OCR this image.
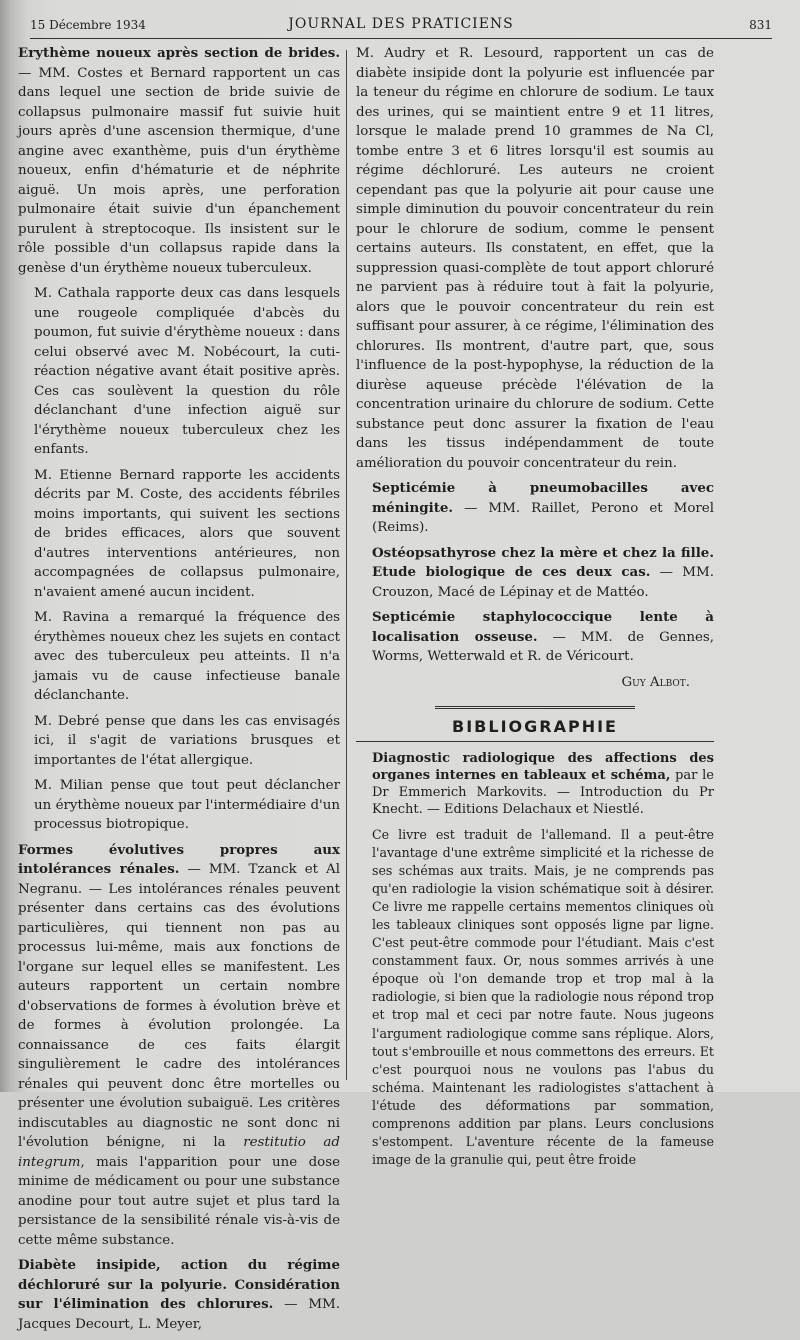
15 Décembre 1934	JOURNAL DES PRATICIENS	831

Erythème noueux après section de brides. — MM. Costes et Bernard rapportent un cas dans lequel une section de bride suivie de collapsus pulmonaire massif fut suivie huit jours après d'une ascension thermique, d'une angine avec exanthème, puis d'un érythème noueux, enfin d'hématurie et de néphrite aiguë. Un mois après, une perforation pulmonaire était suivie d'un épanchement purulent à streptocoque. Ils insistent sur le rôle possible d'un collapsus rapide dans la genèse d'un érythème noueux tuberculeux.

M. Cathala rapporte deux cas dans lesquels une rougeole compliquée d'abcès du poumon, fut suivie d'érythème noueux : dans celui observé avec M. Nobécourt, la cuti-réaction négative avant était positive après. Ces cas soulèvent la question du rôle déclanchant d'une infection aiguë sur l'érythème noueux tuberculeux chez les enfants.

M. Etienne Bernard rapporte les accidents décrits par M. Coste, des accidents fébriles moins importants, qui suivent les sections de brides efficaces, alors que souvent d'autres interventions antérieures, non accompagnées de collapsus pulmonaire, n'avaient amené aucun incident.

M. Ravina a remarqué la fréquence des érythèmes noueux chez les sujets en contact avec des tuberculeux peu atteints. Il n'a jamais vu de cause infectieuse banale déclanchante.

M. Debré pense que dans les cas envisagés ici, il s'agit de variations brusques et importantes de l'état allergique.

M. Milian pense que tout peut déclancher un érythème noueux par l'intermédiaire d'un processus biotropique.

Formes évolutives propres aux intolérances rénales. — MM. Tzanck et Al Negranu. — Les intolérances rénales peuvent présenter dans certains cas des évolutions particulières, qui tiennent non pas au processus lui-même, mais aux fonctions de l'organe sur lequel elles se manifestent. Les auteurs rapportent un certain nombre d'observations de formes à évolution brève et de formes à évolution prolongée. La connaissance de ces faits élargit singulièrement le cadre des intolérances rénales qui peuvent donc être mortelles ou présenter une évolution subaiguë. Les critères indiscutables au diagnostic ne sont donc ni l'évolution bénigne, ni la restitutio ad integrum, mais l'apparition pour une dose minime de médicament ou pour une substance anodine pour tout autre sujet et plus tard la persistance de la sensibilité rénale vis-à-vis de cette même substance.

Diabète insipide, action du régime déchloruré sur la polyurie. Considération sur l'élimination des chlorures. — MM. Jacques Decourt, L. Meyer,

M. Audry et R. Lesourd, rapportent un cas de diabète insipide dont la polyurie est influencée par la teneur du régime en chlorure de sodium. Le taux des urines, qui se maintient entre 9 et 11 litres, lorsque le malade prend 10 grammes de Na Cl, tombe entre 3 et 6 litres lorsqu'il est soumis au régime déchloruré. Les auteurs ne croient cependant pas que la polyurie ait pour cause une simple diminution du pouvoir concentrateur du rein pour le chlorure de sodium, comme le pensent certains auteurs. Ils constatent, en effet, que la suppression quasi-complète de tout apport chloruré ne parvient pas à réduire tout à fait la polyurie, alors que le pouvoir concentrateur du rein est suffisant pour assurer, à ce régime, l'élimination des chlorures. Ils montrent, d'autre part, que, sous l'influence de la post-hypophyse, la réduction de la diurèse aqueuse précède l'élévation de la concentration urinaire du chlorure de sodium. Cette substance peut donc assurer la fixation de l'eau dans les tissus indépendamment de toute amélioration du pouvoir concentrateur du rein.

Septicémie à pneumobacilles avec méningite. — MM. Raillet, Perono et Morel (Reims).

Ostéopsathyrose chez la mère et chez la fille. Etude biologique de ces deux cas. — MM. Crouzon, Macé de Lépinay et de Mattéo.

Septicémie staphylococcique lente à localisation osseuse. — MM. de Gennes, Worms, Wetterwald et R. de Véricourt.

Guy Albot.
BIBLIOGRAPHIE

Diagnostic radiologique des affections des organes internes en tableaux et schéma, par le Dr Emmerich Markovits. — Introduction du Pr Knecht. — Editions Delachaux et Niestlé.

Ce livre est traduit de l'allemand. Il a peut-être l'avantage d'une extrême simplicité et la richesse de ses schémas aux traits. Mais, je ne comprends pas qu'en radiologie la vision schématique soit à désirer. Ce livre me rappelle certains mementos cliniques où les tableaux cliniques sont opposés ligne par ligne. C'est peut-être commode pour l'étudiant. Mais c'est constamment faux. Or, nous sommes arrivés à une époque où l'on demande trop et trop mal à la radiologie, si bien que la radiologie nous répond trop et trop mal et ceci par notre faute. Nous jugeons l'argument radiologique comme sans réplique. Alors, tout s'embrouille et nous commettons des erreurs. Et c'est pourquoi nous ne voulons pas l'abus du schéma. Maintenant les radiologistes s'attachent à l'étude des déformations par sommation, comprenons addition par plans. Leurs conclusions s'estompent. L'aventure récente de la fameuse image de la granulie qui, peut être froide
